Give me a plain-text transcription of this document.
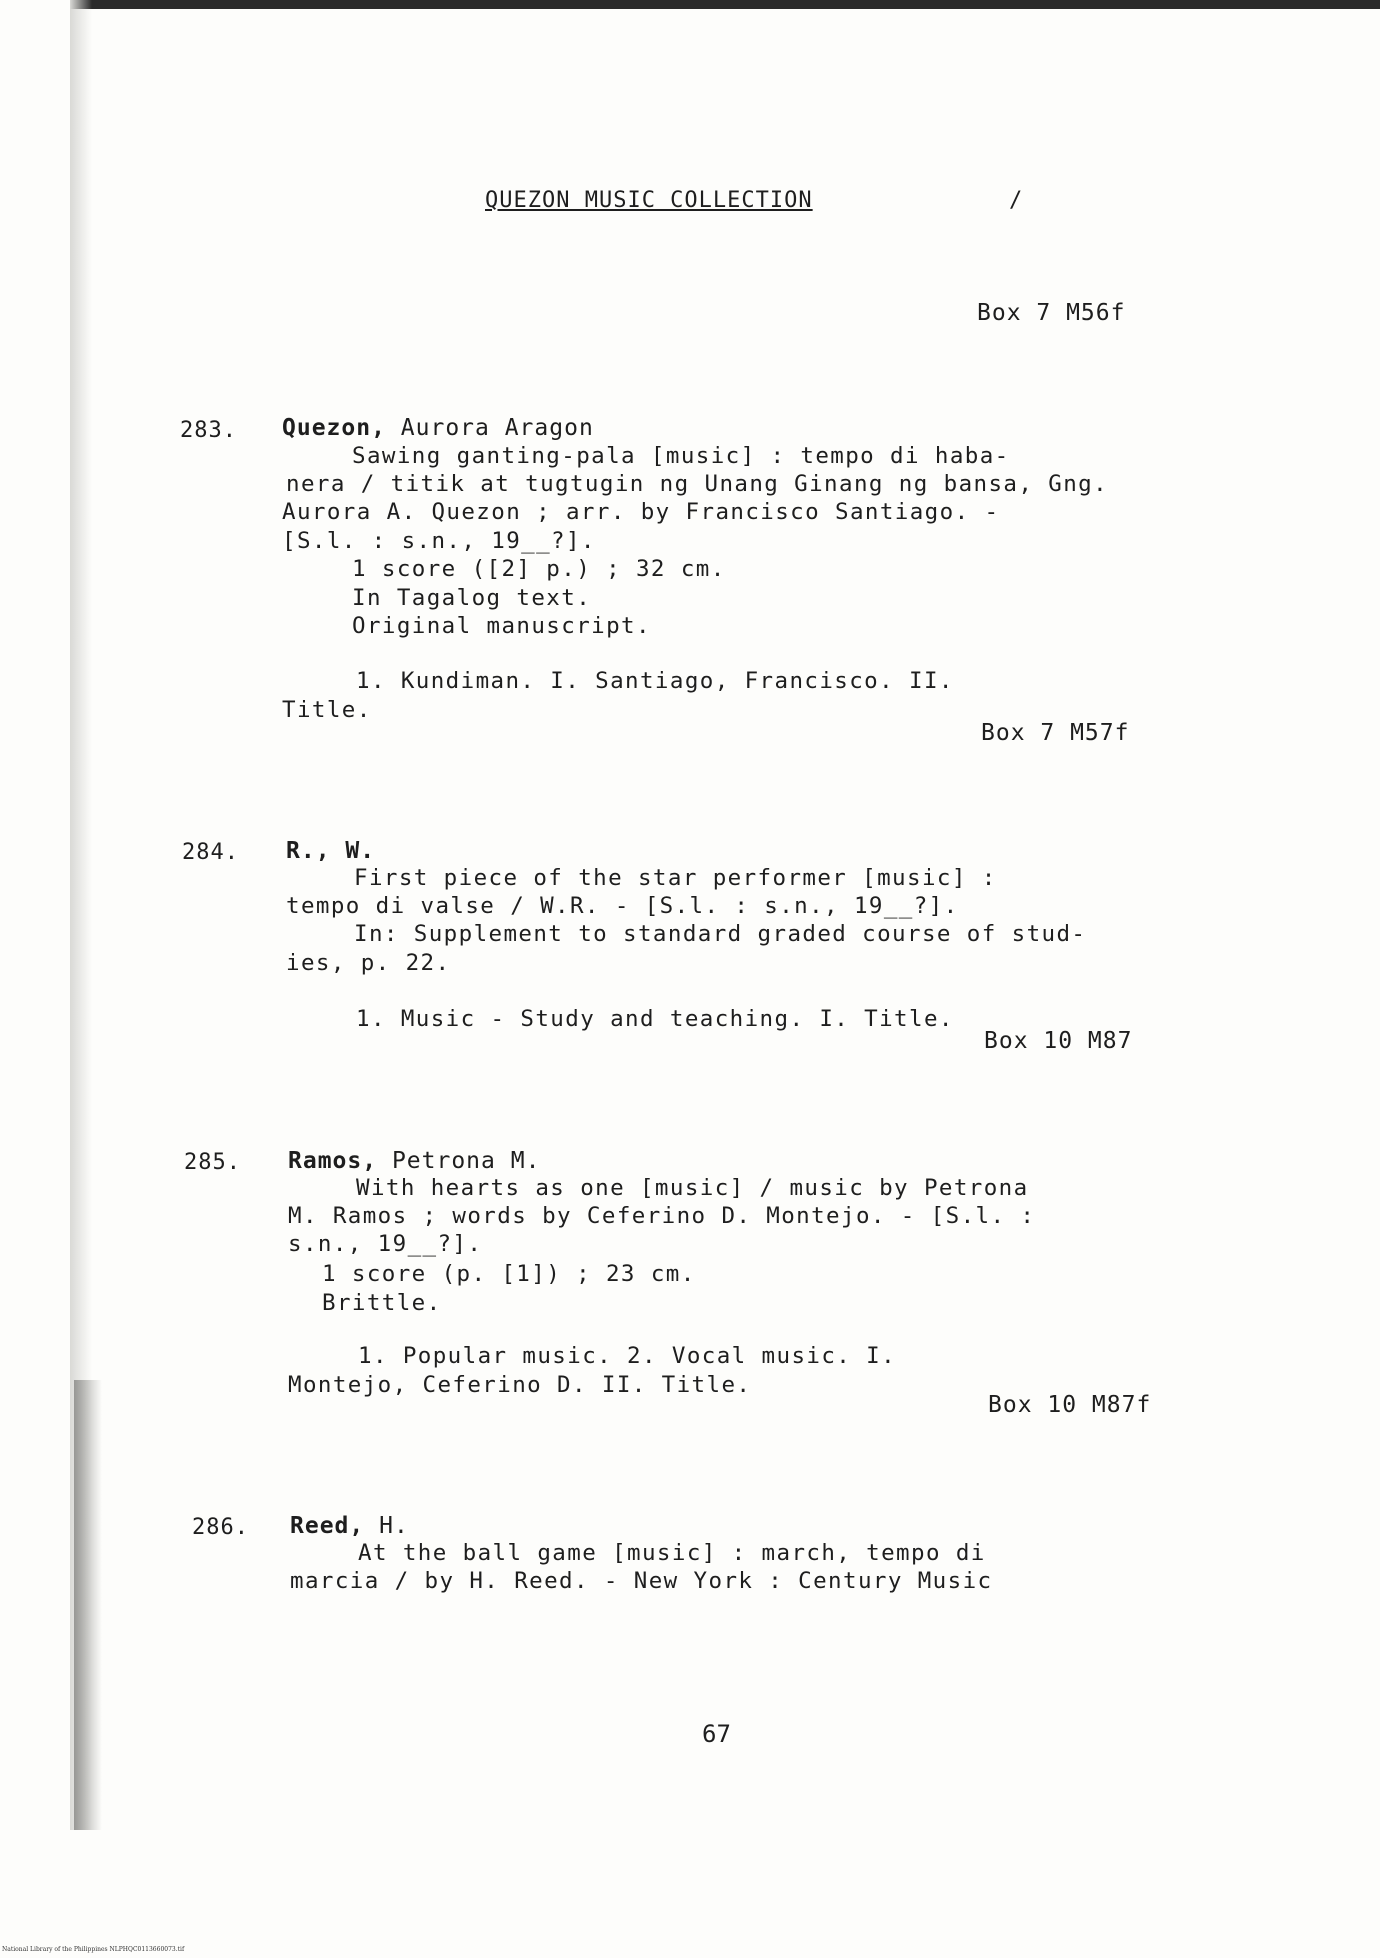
QUEZON MUSIC COLLECTION	/
Box 7 M56f
283. Quezon, Aurora Aragon
Sawing ganting-pala [music] : tempo di haba-
nera / titik at tugtugin ng Unang Ginang ng bansa, Gng.
Aurora A. Quezon ; arr. by Francisco Santiago. -
[S.l. : s.n., 19__?].
1 score ([2] p.) ; 32 cm.
In Tagalog text.
Original manuscript.
1. Kundiman. I. Santiago, Francisco. II.
Title.
Box 7 M57f
284. R., W.
First piece of the star performer [music] :
tempo di valse / W.R. - [S.l. : s.n., 19__?].
In: Supplement to standard graded course of stud-
ies, p. 22.
1. Music - Study and teaching. I. Title.
Box 10 M87
285. Ramos, Petrona M.
With hearts as one [music] / music by Petrona
M. Ramos ; words by Ceferino D. Montejo. - [S.l. :
s.n., 19__?].
1 score (p. [1]) ; 23 cm.
Brittle.
1. Popular music. 2. Vocal music. I.
Montejo, Ceferino D. II. Title.
Box 10 M87f
286. Reed, H.
At the ball game [music] : march, tempo di
marcia / by H. Reed. - New York : Century Music
67
National Library of the Philippines NLPHQC0113660073.tif
